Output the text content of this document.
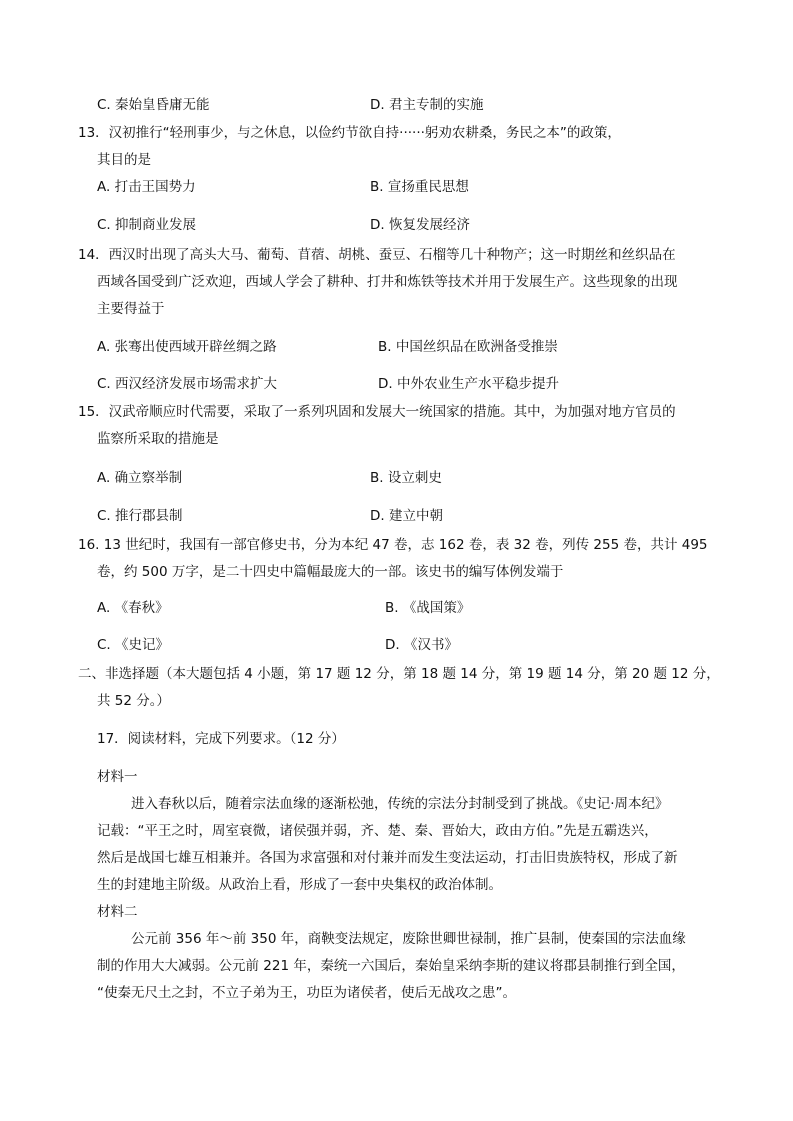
C. 秦始皇昏庸无能	D. 君主专制的实施
13．汉初推行“轻刑事少，与之休息，以俭约节欲自持······躬劝农耕桑，务民之本”的政策，
其目的是
A. 打击王国势力	B. 宣扬重民思想
C. 抑制商业发展	D. 恢复发展经济
14．西汉时出现了高头大马、葡萄、苜蓿、胡桃、蚕豆、石榴等几十种物产；这一时期丝和丝织品在
西域各国受到广泛欢迎，西域人学会了耕种、打井和炼铁等技术并用于发展生产。这些现象的出现
主要得益于
A. 张骞出使西域开辟丝绸之路	B. 中国丝织品在欧洲备受推崇
C. 西汉经济发展市场需求扩大	D. 中外农业生产水平稳步提升
15．汉武帝顺应时代需要，采取了一系列巩固和发展大一统国家的措施。其中，为加强对地方官员的
监察所采取的措施是
A. 确立察举制	B. 设立刺史
C. 推行郡县制	D. 建立中朝
16. 13 世纪时，我国有一部官修史书，分为本纪 47 卷，志 162 卷，表 32 卷，列传 255 卷，共计 495
卷，约 500 万字，是二十四史中篇幅最庞大的一部。该史书的编写体例发端于
A. 《春秋》	B. 《战国策》
C. 《史记》	D. 《汉书》
二、非选择题（本大题包括 4 小题，第 17 题 12 分，第 18 题 14 分，第 19 题 14 分，第 20 题 12 分，
共 52 分。）
17．阅读材料，完成下列要求。（12 分）
材料一
进入春秋以后，随着宗法血缘的逐渐松弛，传统的宗法分封制受到了挑战。《史记·周本纪》
记载：“平王之时，周室衰微，诸侯强并弱，齐、楚、秦、晋始大，政由方伯。”先是五霸迭兴，
然后是战国七雄互相兼并。各国为求富强和对付兼并而发生变法运动，打击旧贵族特权，形成了新
生的封建地主阶级。从政治上看，形成了一套中央集权的政治体制。
材料二
公元前 356 年～前 350 年，商鞅变法规定，废除世卿世禄制，推广县制，使秦国的宗法血缘
制的作用大大减弱。公元前 221 年，秦统一六国后，秦始皇采纳李斯的建议将郡县制推行到全国，
“使秦无尺土之封，不立子弟为王，功臣为诸侯者，使后无战攻之患”。
